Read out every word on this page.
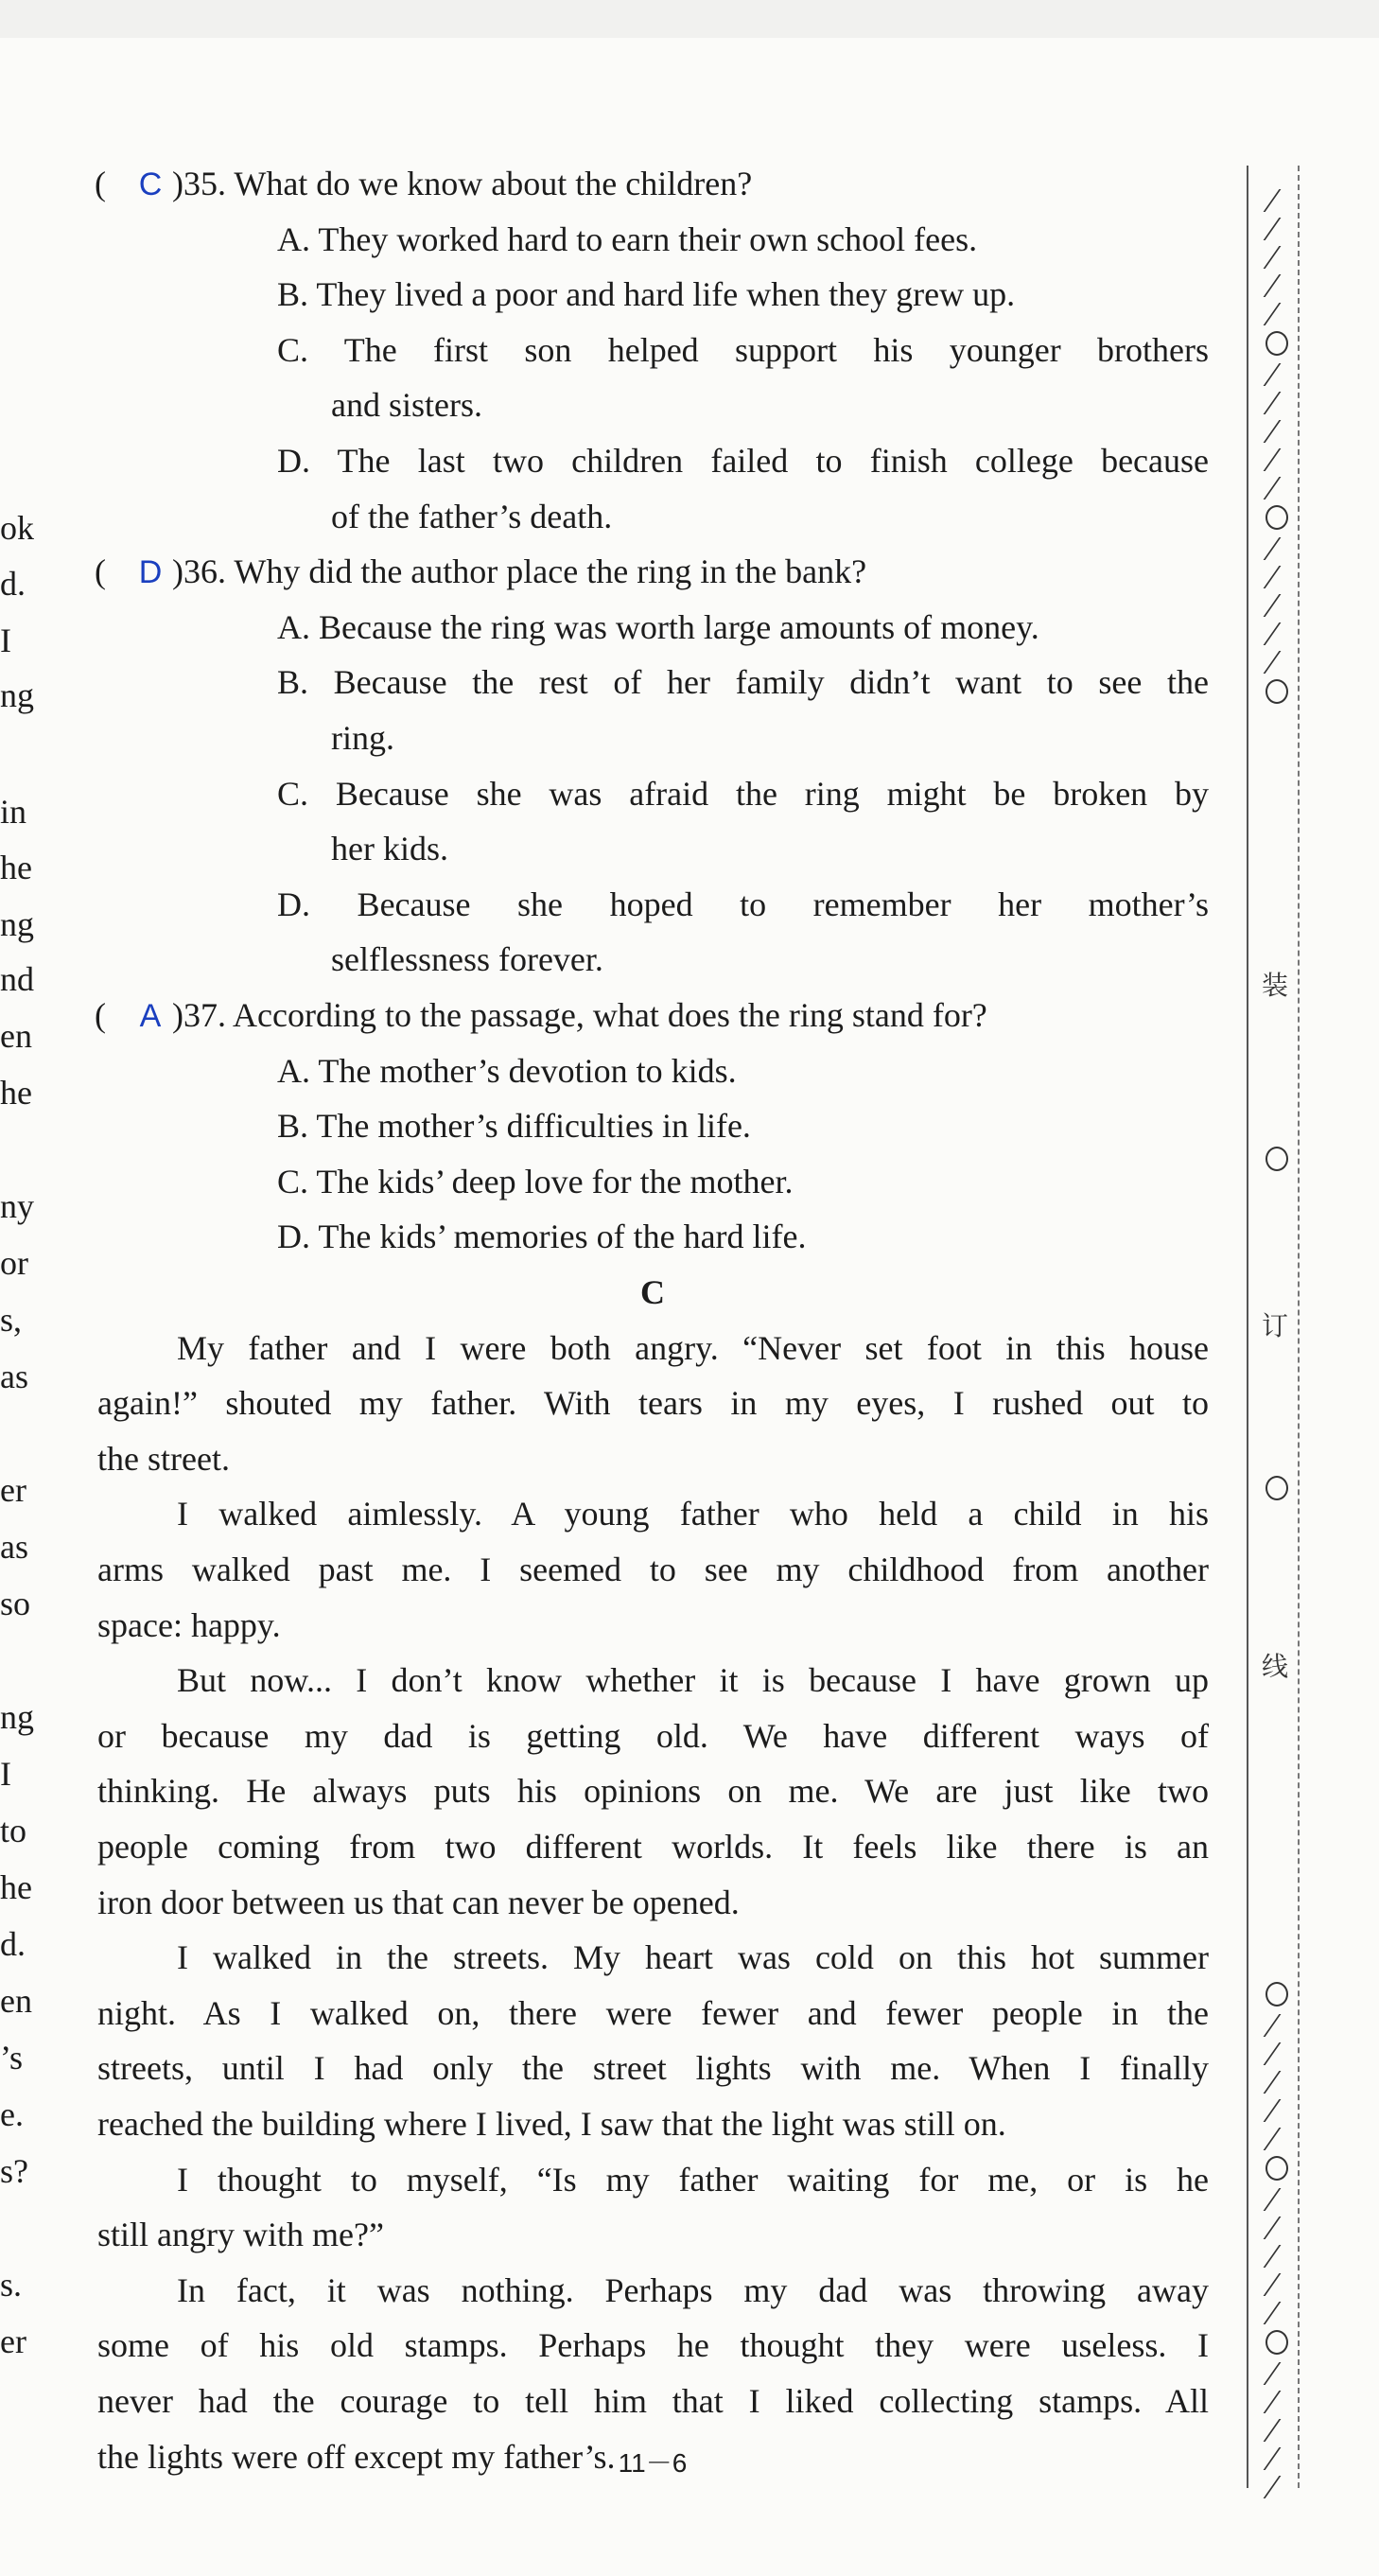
( C )35. What do we know about the children?
A. They worked hard to earn their own school fees.
B. They lived a poor and hard life when they grew up.
C. The first son helped support his younger brothers
and sisters.
D. The last two children failed to finish college because
of the father’s death.
( D )36. Why did the author place the ring in the bank?
A. Because the ring was worth large amounts of money.
B. Because the rest of her family didn’t want to see the
ring.
C. Because she was afraid the ring might be broken by
her kids.
D. Because she hoped to remember her mother’s
selflessness forever.
( A )37. According to the passage, what does the ring stand for?
A. The mother’s devotion to kids.
B. The mother’s difficulties in life.
C. The kids’ deep love for the mother.
D. The kids’ memories of the hard life.
C
My father and I were both angry. “Never set foot in this house
again!” shouted my father. With tears in my eyes, I rushed out to
the street.
I walked aimlessly. A young father who held a child in his
arms walked past me. I seemed to see my childhood from another
space: happy.
But now... I don’t know whether it is because I have grown up
or because my dad is getting old. We have different ways of
thinking. He always puts his opinions on me. We are just like two
people coming from two different worlds. It feels like there is an
iron door between us that can never be opened.
I walked in the streets. My heart was cold on this hot summer
night. As I walked on, there were fewer and fewer people in the
streets, until I had only the street lights with me. When I finally
reached the building where I lived, I saw that the light was still on.
I thought to myself, “Is my father waiting for me, or is he
still angry with me?”
In fact, it was nothing. Perhaps my dad was throwing away
some of his old stamps. Perhaps he thought they were useless. I
never had the courage to tell him that I liked collecting stamps. All
the lights were off except my father’s.
ok
d.
I
ng
in
he
ng
nd
en
he
ny
or
s,
as
er
as
so
ng
I
to
he
d.
en
’s
e.
s?
s.
er
装
订
线
11－6
